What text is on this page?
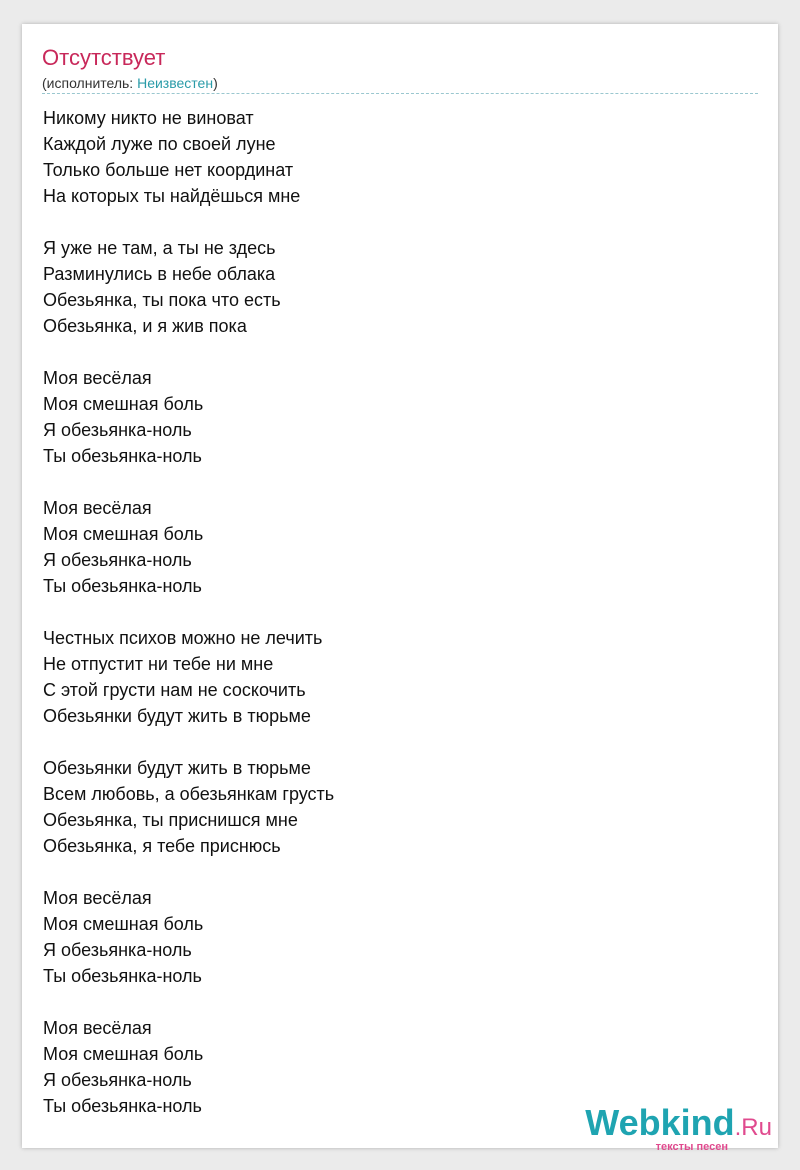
Отсутствует
(исполнитель: Неизвестен)
Никому никто не виноват
Каждой луже по своей луне
Только больше нет координат
На которых ты найдёшься мне
Я уже не там, а ты не здесь
Разминулись в небе облака
Обезьянка, ты пока что есть
Обезьянка, и я жив пока
Моя весёлая
Моя смешная боль
Я обезьянка-ноль
Ты обезьянка-ноль
Моя весёлая
Моя смешная боль
Я обезьянка-ноль
Ты обезьянка-ноль
Честных психов можно не лечить
Не отпустит ни тебе ни мне
С этой грусти нам не соскочить
Обезьянки будут жить в тюрьме
Обезьянки будут жить в тюрьме
Всем любовь, а обезьянкам грусть
Обезьянка, ты приснишся мне
Обезьянка, я тебе приснюсь
Моя весёлая
Моя смешная боль
Я обезьянка-ноль
Ты обезьянка-ноль
Моя весёлая
Моя смешная боль
Я обезьянка-ноль
Ты обезьянка-ноль	Webkind.Ru
тексты песен
